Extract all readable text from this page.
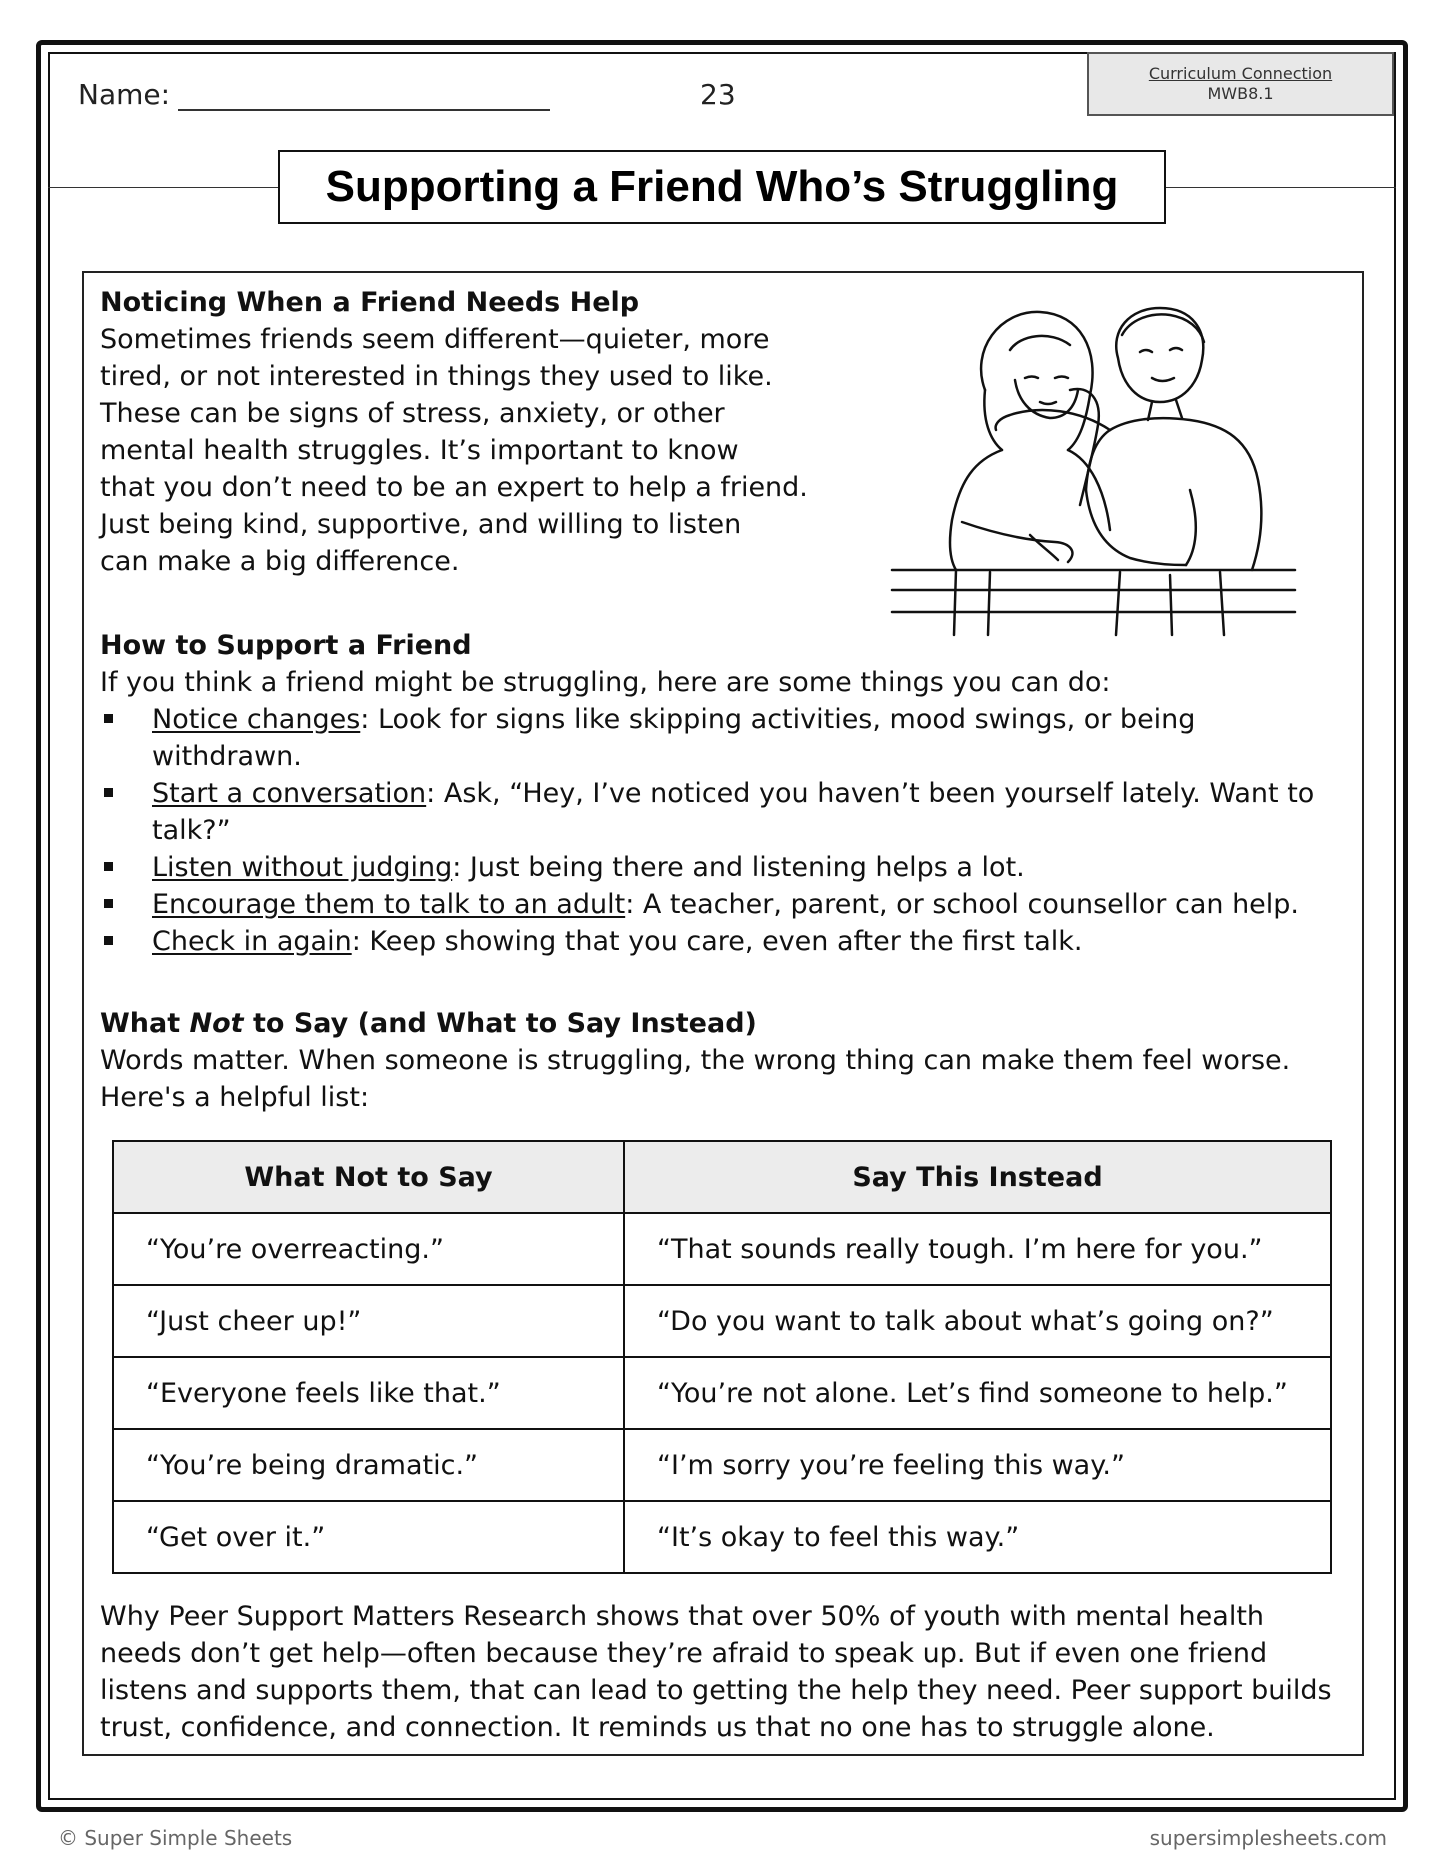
Name:	23
Curriculum Connection
MWB8.1
Supporting a Friend Who’s Struggling
Noticing When a Friend Needs Help
Sometimes friends seem different—quieter, more
tired, or not interested in things they used to like.
These can be signs of stress, anxiety, or other
mental health struggles. It’s important to know
that you don’t need to be an expert to help a friend.
Just being kind, supportive, and willing to listen
can make a big difference.
How to Support a Friend
If you think a friend might be struggling, here are some things you can do:
Notice changes: Look for signs like skipping activities, mood swings, or being withdrawn.
Start a conversation: Ask, “Hey, I’ve noticed you haven’t been yourself lately. Want to talk?”
Listen without judging: Just being there and listening helps a lot.
Encourage them to talk to an adult: A teacher, parent, or school counsellor can help.
Check in again: Keep showing that you care, even after the first talk.
What Not to Say (and What to Say Instead)
Words matter. When someone is struggling, the wrong thing can make them feel worse.
Here's a helpful list:
What Not to Say	Say This Instead
“You’re overreacting.”	“That sounds really tough. I’m here for you.”
“Just cheer up!”	“Do you want to talk about what’s going on?”
“Everyone feels like that.”	“You’re not alone. Let’s find someone to help.”
“You’re being dramatic.”	“I’m sorry you’re feeling this way.”
“Get over it.”	“It’s okay to feel this way.”
Why Peer Support Matters Research shows that over 50% of youth with mental health
needs don’t get help—often because they’re afraid to speak up. But if even one friend
listens and supports them, that can lead to getting the help they need. Peer support builds
trust, confidence, and connection. It reminds us that no one has to struggle alone.
© Super Simple Sheets	supersimplesheets.com
